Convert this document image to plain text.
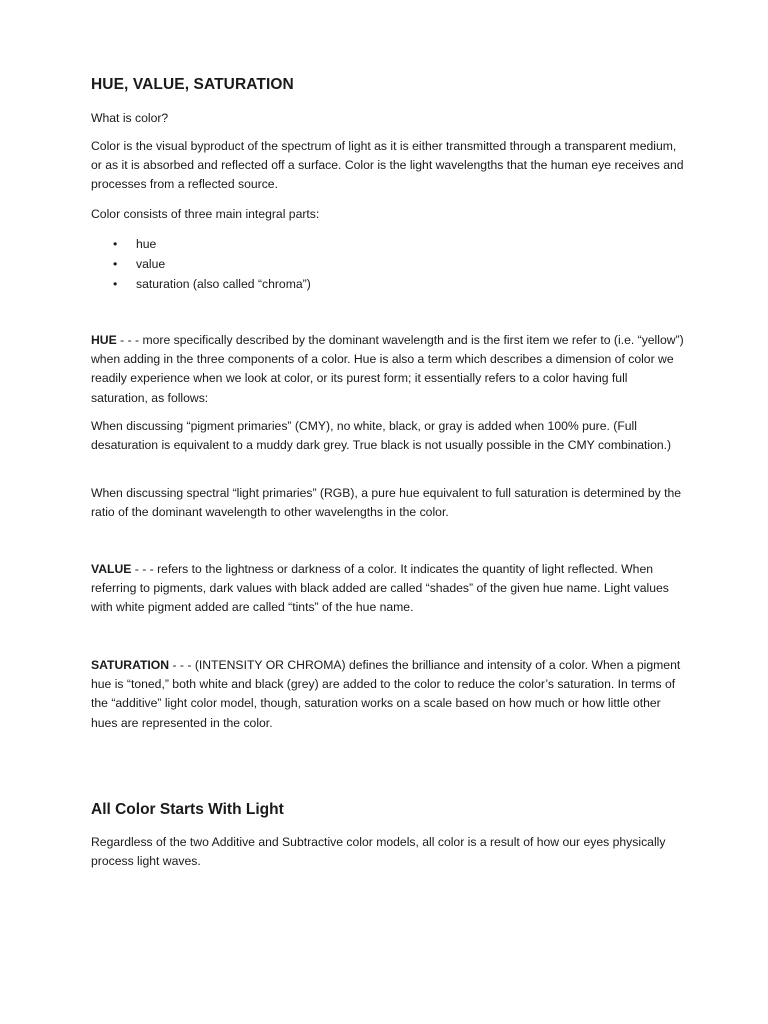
HUE, VALUE, SATURATION

What is color?

Color is the visual byproduct of the spectrum of light as it is either transmitted through a transparent medium, or as it is absorbed and reflected off a surface. Color is the light wavelengths that the human eye receives and processes from a reflected source.

Color consists of three main integral parts:

• hue
• value
• saturation (also called “chroma”)

HUE - - - more specifically described by the dominant wavelength and is the first item we refer to (i.e. “yellow”) when adding in the three components of a color. Hue is also a term which describes a dimension of color we readily experience when we look at color, or its purest form; it essentially refers to a color having full saturation, as follows:

When discussing “pigment primaries” (CMY), no white, black, or gray is added when 100% pure. (Full desaturation is equivalent to a muddy dark grey. True black is not usually possible in the CMY combination.)

When discussing spectral “light primaries” (RGB), a pure hue equivalent to full saturation is determined by the ratio of the dominant wavelength to other wavelengths in the color.

VALUE - - - refers to the lightness or darkness of a color. It indicates the quantity of light reflected. When referring to pigments, dark values with black added are called “shades” of the given hue name. Light values with white pigment added are called “tints” of the hue name.

SATURATION - - - (INTENSITY OR CHROMA) defines the brilliance and intensity of a color. When a pigment hue is “toned,” both white and black (grey) are added to the color to reduce the color’s saturation. In terms of the “additive” light color model, though, saturation works on a scale based on how much or how little other hues are represented in the color.

All Color Starts With Light

Regardless of the two Additive and Subtractive color models, all color is a result of how our eyes physically process light waves.
